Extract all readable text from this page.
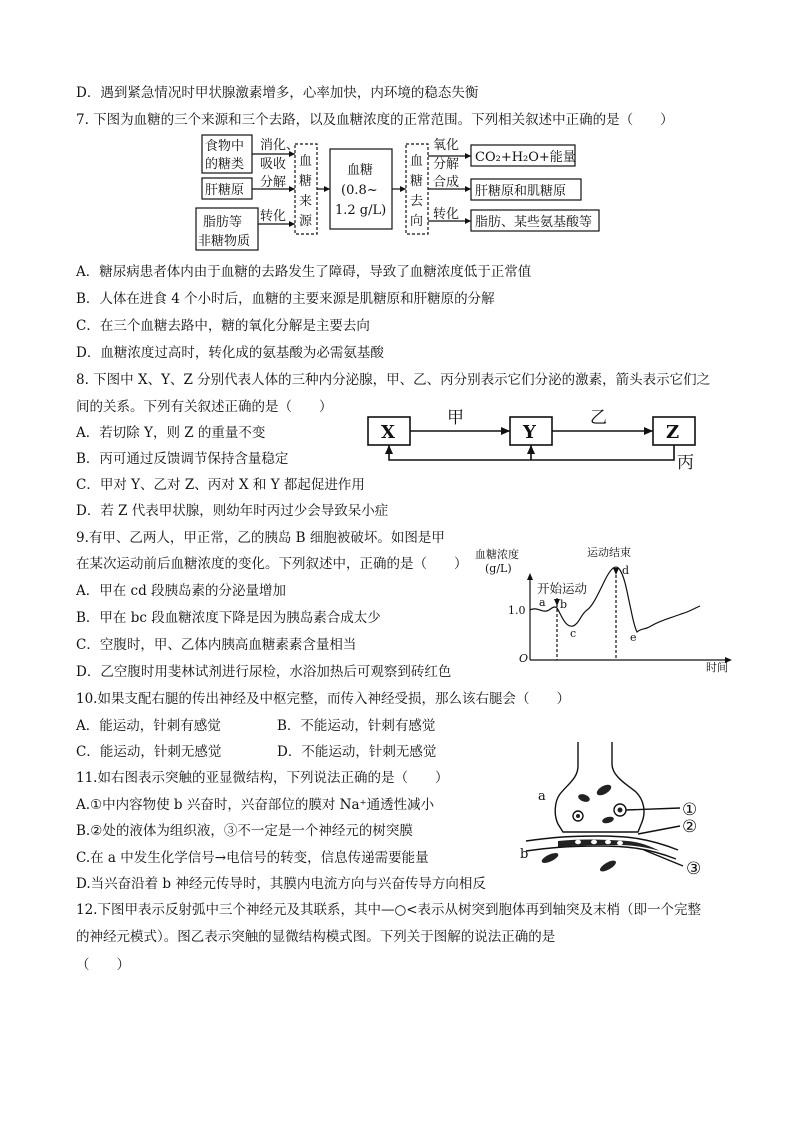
D．遇到紧急情况时甲状腺激素增多，心率加快，内环境的稳态失衡
7. 下图为血糖的三个来源和三个去路，以及血糖浓度的正常范围。下列相关叙述中正确的是（　　）
食物中
的糖类
肝糖原
脂肪等
非糖物质
消化、
吸收
分解
转化
血
糖
来
源
血糖
(0.8~
1.2 g/L)
血
糖
去
向
氧化
分解
合成
转化
CO₂+H₂O+能量
肝糖原和肌糖原
脂肪、某些氨基酸等
A．糖尿病患者体内由于血糖的去路发生了障碍，导致了血糖浓度低于正常值
B．人体在进食 4 个小时后，血糖的主要来源是肌糖原和肝糖原的分解
C．在三个血糖去路中，糖的氧化分解是主要去向
D．血糖浓度过高时，转化成的氨基酸为必需氨基酸
8. 下图中 X、Y、Z 分别代表人体的三种内分泌腺，甲、乙、丙分别表示它们分泌的激素，箭头表示它们之
间的关系。下列有关叙述正确的是（　　）
A．若切除 Y，则 Z 的重量不变
B．丙可通过反馈调节保持含量稳定
C．甲对 Y、乙对 Z、丙对 X 和 Y 都起促进作用
D．若 Z 代表甲状腺，则幼年时丙过少会导致呆小症
X	Y	Z
甲	乙
丙
9.有甲、乙两人，甲正常，乙的胰岛 B 细胞被破坏。如图是甲
在某次运动前后血糖浓度的变化。下列叙述中，正确的是（　　）
A．甲在 cd 段胰岛素的分泌量增加
B．甲在 bc 段血糖浓度下降是因为胰岛素合成太少
C．空腹时，甲、乙体内胰高血糖素素含量相当
D．乙空腹时用斐林试剂进行尿检，水浴加热后可观察到砖红色
血糖浓度
(g/L)
1.0
O
时间
开始运动
运动结束
a b
c
d
e
10.如果支配右腿的传出神经及中枢完整，而传入神经受损，那么该右腿会（　　）
A．能运动，针刺有感觉	B．不能运动，针刺有感觉
C．能运动，针刺无感觉	D．不能运动，针刺无感觉
11.如右图表示突触的亚显微结构，下列说法正确的是（　　）
A.①中内容物使 b 兴奋时，兴奋部位的膜对 Na⁺通透性减小
B.②处的液体为组织液，③不一定是一个神经元的树突膜
C.在 a 中发生化学信号→电信号的转变，信息传递需要能量
D.当兴奋沿着 b 神经元传导时，其膜内电流方向与兴奋传导方向相反
a
b
①
②
③
12.下图甲表示反射弧中三个神经元及其联系，其中—○<表示从树突到胞体再到轴突及末梢（即一个完整
的神经元模式）。图乙表示突触的显微结构模式图。下列关于图解的说法正确的是
（　　）
